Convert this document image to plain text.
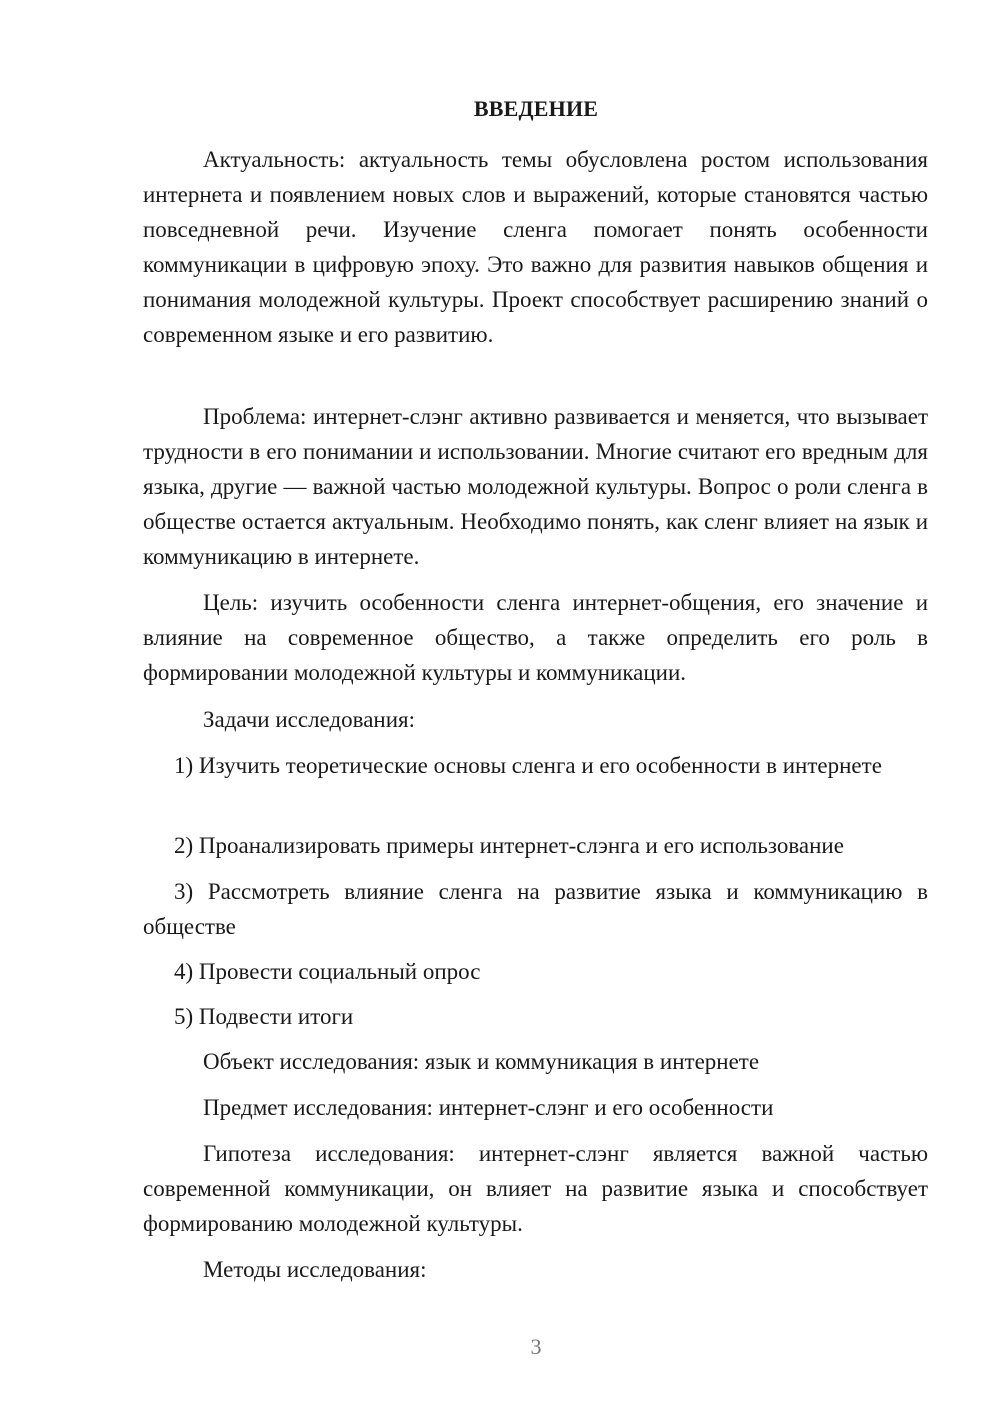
ВВЕДЕНИЕ

Актуальность: актуальность темы обусловлена ростом использования интернета и появлением новых слов и выражений, которые становятся частью повседневной речи. Изучение сленга помогает понять особенности коммуникации в цифровую эпоху. Это важно для развития навыков общения и понимания молодежной культуры. Проект способствует расширению знаний о современном языке и его развитию.

Проблема: интернет-слэнг активно развивается и меняется, что вызывает трудности в его понимании и использовании. Многие считают его вредным для языка, другие — важной частью молодежной культуры. Вопрос о роли сленга в обществе остается актуальным. Необходимо понять, как сленг влияет на язык и коммуникацию в интернете.

Цель: изучить особенности сленга интернет-общения, его значение и влияние на современное общество, а также определить его роль в формировании молодежной культуры и коммуникации.

Задачи исследования:

1) Изучить теоретические основы сленга и его особенности в интернете

2) Проанализировать примеры интернет-слэнга и его использование

3) Рассмотреть влияние сленга на развитие языка и коммуникацию в обществе

4) Провести социальный опрос

5) Подвести итоги

Объект исследования: язык и коммуникация в интернете

Предмет исследования: интернет-слэнг и его особенности

Гипотеза исследования: интернет-слэнг является важной частью современной коммуникации, он влияет на развитие языка и способствует формированию молодежной культуры.

Методы исследования:

3
